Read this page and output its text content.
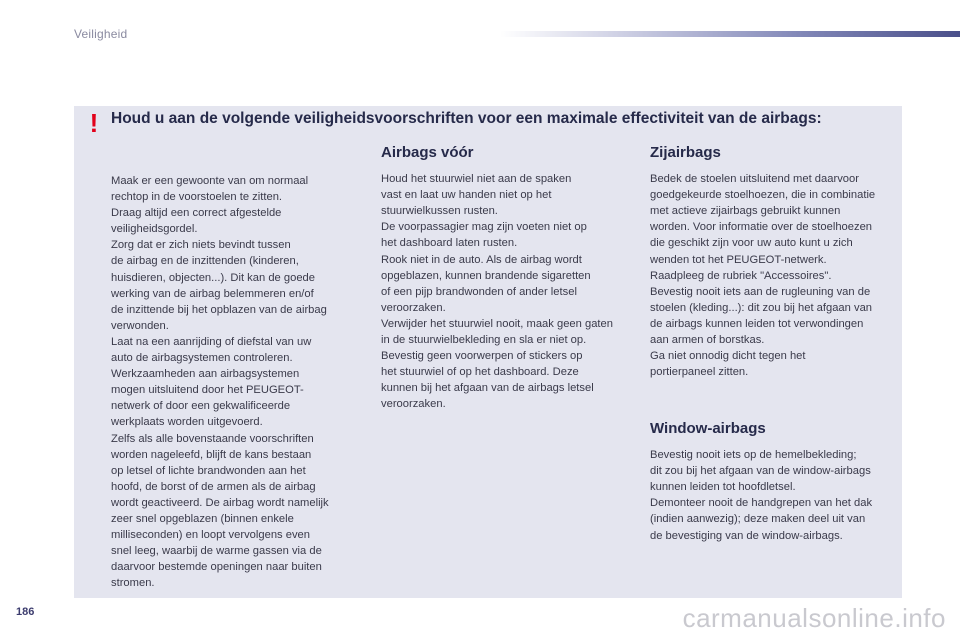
Veiligheid
! Houd u aan de volgende veiligheidsvoorschriften voor een maximale effectiviteit van de airbags:

Maak er een gewoonte van om normaal

rechtop in de voorstoelen te zitten.

Draag altijd een correct afgestelde

veiligheidsgordel.

Zorg dat er zich niets bevindt tussen

de airbag en de inzittenden (kinderen,

huisdieren, objecten...). Dit kan de goede

werking van de airbag belemmeren en/of

de inzittende bij het opblazen van de airbag

verwonden.

Laat na een aanrijding of diefstal van uw

auto de airbagsystemen controleren.

Werkzaamheden aan airbagsystemen

mogen uitsluitend door het PEUGEOT-

netwerk of door een gekwalificeerde

werkplaats worden uitgevoerd.

Zelfs als alle bovenstaande voorschriften

worden nageleefd, blijft de kans bestaan

op letsel of lichte brandwonden aan het

hoofd, de borst of de armen als de airbag

wordt geactiveerd. De airbag wordt namelijk

zeer snel opgeblazen (binnen enkele

milliseconden) en loopt vervolgens even

snel leeg, waarbij de warme gassen via de

daarvoor bestemde openingen naar buiten

stromen.

Airbags vóór

Houd het stuurwiel niet aan de spaken

vast en laat uw handen niet op het

stuurwielkussen rusten.

De voorpassagier mag zijn voeten niet op

het dashboard laten rusten.

Rook niet in de auto. Als de airbag wordt

opgeblazen, kunnen brandende sigaretten

of een pijp brandwonden of ander letsel

veroorzaken.

Verwijder het stuurwiel nooit, maak geen gaten

in de stuurwielbekleding en sla er niet op.

Bevestig geen voorwerpen of stickers op

het stuurwiel of op het dashboard. Deze

kunnen bij het afgaan van de airbags letsel

veroorzaken.

Zijairbags

Bedek de stoelen uitsluitend met daarvoor

goedgekeurde stoelhoezen, die in combinatie

met actieve zijairbags gebruikt kunnen

worden. Voor informatie over de stoelhoezen

die geschikt zijn voor uw auto kunt u zich

wenden tot het PEUGEOT-netwerk.

Raadpleeg de rubriek "Accessoires".

Bevestig nooit iets aan de rugleuning van de

stoelen (kleding...): dit zou bij het afgaan van

de airbags kunnen leiden tot verwondingen

aan armen of borstkas.

Ga niet onnodig dicht tegen het

portierpaneel zitten.

Window-airbags

Bevestig nooit iets op de hemelbekleding;

dit zou bij het afgaan van de window-airbags

kunnen leiden tot hoofdletsel.

Demonteer nooit de handgrepen van het dak

(indien aanwezig); deze maken deel uit van

de bevestiging van de window-airbags.

186	carmanualsonline.info
